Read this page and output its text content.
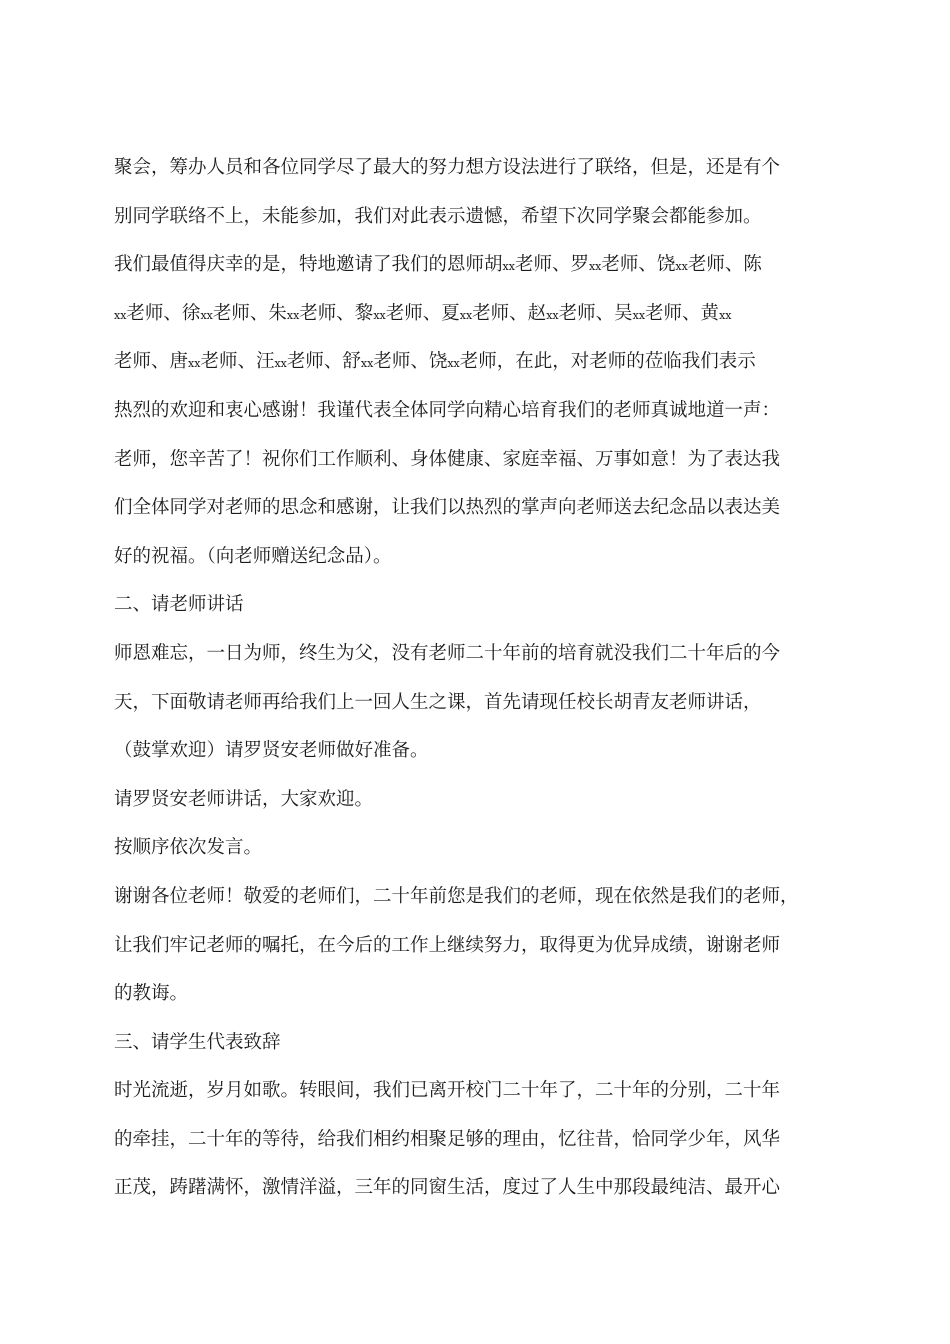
聚会，筹办人员和各位同学尽了最大的努力想方设法进行了联络，但是，还是有个
别同学联络不上，未能参加，我们对此表示遗憾，希望下次同学聚会都能参加。
我们最值得庆幸的是，特地邀请了我们的恩师胡xx老师、罗xx老师、饶xx老师、陈
xx老师、徐xx老师、朱xx老师、黎xx老师、夏xx老师、赵xx老师、吴xx老师、黄xx
老师、唐xx老师、汪xx老师、舒xx老师、饶xx老师，在此，对老师的莅临我们表示
热烈的欢迎和衷心感谢！我谨代表全体同学向精心培育我们的老师真诚地道一声：
老师，您辛苦了！祝你们工作顺利、身体健康、家庭幸福、万事如意！为了表达我
们全体同学对老师的思念和感谢，让我们以热烈的掌声向老师送去纪念品以表达美
好的祝福。（向老师赠送纪念品）。
二、请老师讲话
师恩难忘，一日为师，终生为父，没有老师二十年前的培育就没我们二十年后的今
天，下面敬请老师再给我们上一回人生之课，首先请现任校长胡青友老师讲话，
（鼓掌欢迎）请罗贤安老师做好准备。
请罗贤安老师讲话，大家欢迎。
按顺序依次发言。
谢谢各位老师！敬爱的老师们，二十年前您是我们的老师，现在依然是我们的老师，
让我们牢记老师的嘱托，在今后的工作上继续努力，取得更为优异成绩，谢谢老师
的教诲。
三、请学生代表致辞
时光流逝，岁月如歌。转眼间，我们已离开校门二十年了，二十年的分别，二十年
的牵挂，二十年的等待，给我们相约相聚足够的理由，忆往昔，恰同学少年，风华
正茂，踌躇满怀，激情洋溢，三年的同窗生活，度过了人生中那段最纯洁、最开心
